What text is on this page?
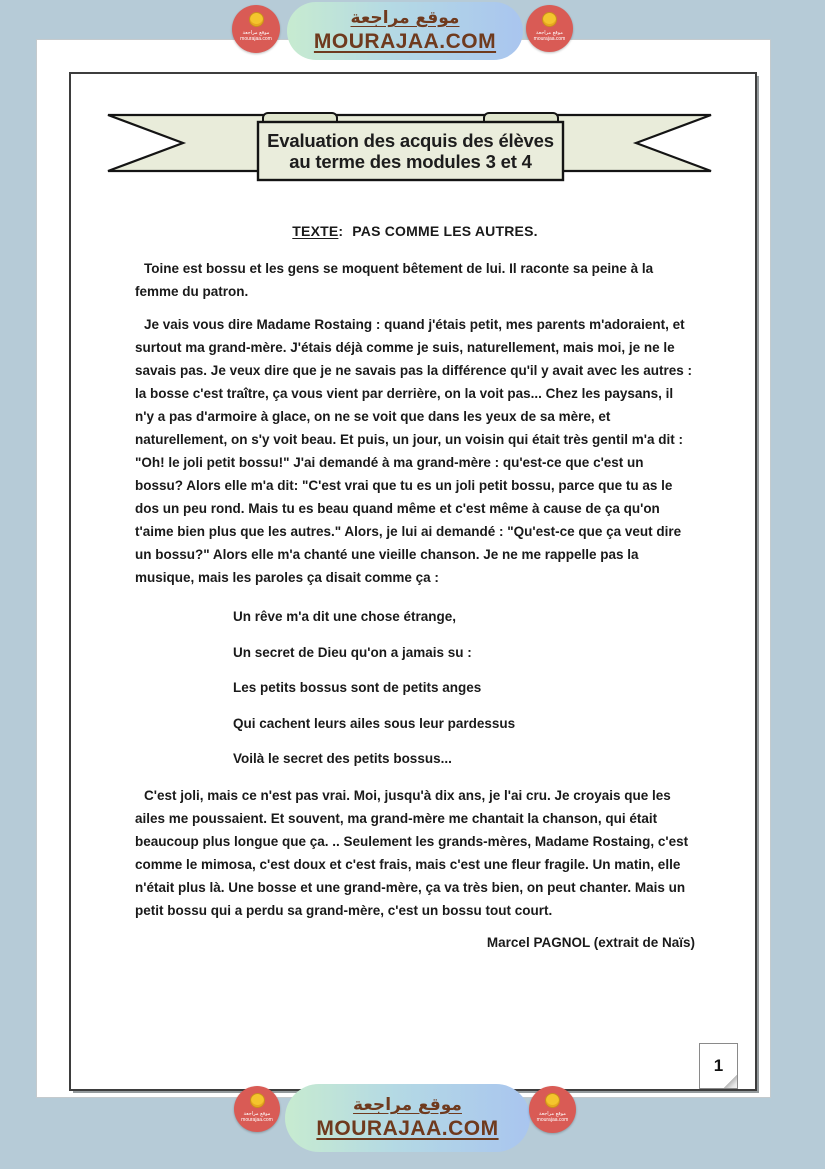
موقع مراجعة
mourajaa.com
موقع مراجعة
MOURAJAA.COM	موقع مراجعة
mourajaa.com
Evaluation des acquis des élèves
au terme des modules 3 et 4
TEXTE: PAS COMME LES AUTRES.

Toine est bossu et les gens se moquent bêtement de lui. Il raconte sa peine à la femme du patron.

Je vais vous dire Madame Rostaing : quand j'étais petit, mes parents m'adoraient, et surtout ma grand-mère. J'étais déjà comme je suis, naturellement, mais moi, je ne le savais pas. Je veux dire que je ne savais pas la différence qu'il y avait avec les autres : la bosse c'est traître, ça vous vient par derrière, on la voit pas... Chez les paysans, il n'y a pas d'armoire à glace, on ne se voit que dans les yeux de sa mère, et naturellement, on s'y voit beau. Et puis, un jour, un voisin qui était très gentil m'a dit : "Oh! le joli petit bossu!" J'ai demandé à ma grand-mère : qu'est-ce que c'est un bossu? Alors elle m'a dit: "C'est vrai que tu es un joli petit bossu, parce que tu as le dos un peu rond. Mais tu es beau quand même et c'est même à cause de ça qu'on t'aime bien plus que les autres." Alors, je lui ai demandé : "Qu'est-ce que ça veut dire un bossu?" Alors elle m'a chanté une vieille chanson. Je ne me rappelle pas la musique, mais les paroles ça disait comme ça :

Un rêve m'a dit une chose étrange,
Un secret de Dieu qu'on a jamais su :
Les petits bossus sont de petits anges
Qui cachent leurs ailes sous leur pardessus
Voilà le secret des petits bossus...

C'est joli, mais ce n'est pas vrai. Moi, jusqu'à dix ans, je l'ai cru. Je croyais que les ailes me poussaient. Et souvent, ma grand-mère me chantait la chanson, qui était beaucoup plus longue que ça. .. Seulement les grands-mères, Madame Rostaing, c'est comme le mimosa, c'est doux et c'est frais, mais c'est une fleur fragile. Un matin, elle n'était plus là. Une bosse et une grand-mère, ça va très bien, on peut chanter. Mais un petit bossu qui a perdu sa grand-mère, c'est un bossu tout court.

Marcel PAGNOL (extrait de Naïs)
1
موقع مراجعة
mourajaa.com
موقع مراجعة
MOURAJAA.COM
موقع مراجعة
mourajaa.com
